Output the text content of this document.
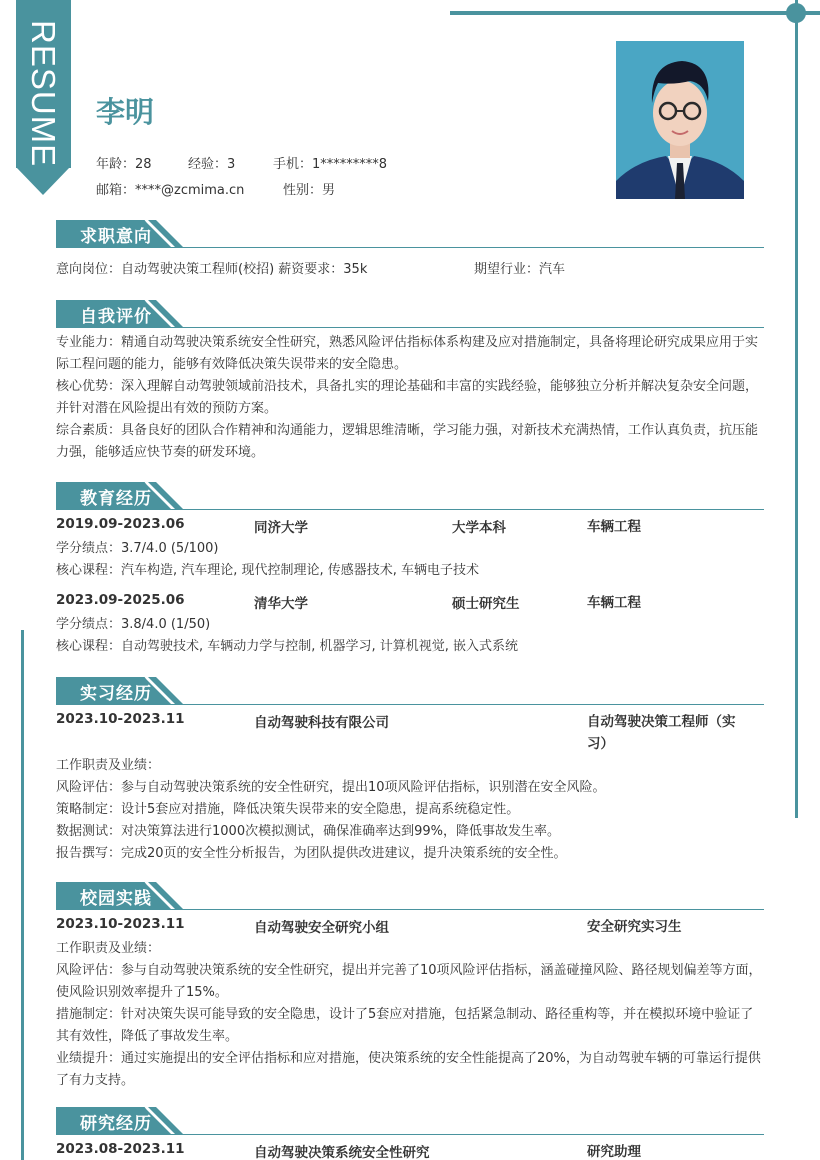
RESUME 李明
年龄：28	经验：3	手机：1*********8
邮箱：****@zcmima.cn	性别：男
求职意向
意向岗位：自动驾驶决策工程师(校招) 薪资要求：35k	期望行业：汽车
自我评价

专业能力：精通自动驾驶决策系统安全性研究，熟悉风险评估指标体系构建及应对措施制定，具备将理论研究成果应用于实际工程问题的能力，能够有效降低决策失误带来的安全隐患。

核心优势：深入理解自动驾驶领域前沿技术，具备扎实的理论基础和丰富的实践经验，能够独立分析并解决复杂安全问题，并针对潜在风险提出有效的预防方案。

综合素质：具备良好的团队合作精神和沟通能力，逻辑思维清晰，学习能力强，对新技术充满热情，工作认真负责，抗压能力强，能够适应快节奏的研发环境。

教育经历
2019.09-2023.06	同济大学	大学本科	车辆工程

学分绩点：3.7/4.0 (5/100)

核心课程：汽车构造, 汽车理论, 现代控制理论, 传感器技术, 车辆电子技术

2023.09-2025.06	清华大学	硕士研究生	车辆工程

学分绩点：3.8/4.0 (1/50)

核心课程：自动驾驶技术, 车辆动力学与控制, 机器学习, 计算机视觉, 嵌入式系统

实习经历
2023.10-2023.11	自动驾驶科技有限公司	自动驾驶决策工程师（实习）

工作职责及业绩：

风险评估：参与自动驾驶决策系统的安全性研究，提出10项风险评估指标，识别潜在安全风险。

策略制定：设计5套应对措施，降低决策失误带来的安全隐患，提高系统稳定性。

数据测试：对决策算法进行1000次模拟测试，确保准确率达到99%，降低事故发生率。

报告撰写：完成20页的安全性分析报告，为团队提供改进建议，提升决策系统的安全性。

校园实践
2023.10-2023.11	自动驾驶安全研究小组	安全研究实习生

工作职责及业绩：

风险评估：参与自动驾驶决策系统的安全性研究，提出并完善了10项风险评估指标，涵盖碰撞风险、路径规划偏差等方面，使风险识别效率提升了15%。

措施制定：针对决策失误可能导致的安全隐患，设计了5套应对措施，包括紧急制动、路径重构等，并在模拟环境中验证了其有效性，降低了事故发生率。

业绩提升：通过实施提出的安全评估指标和应对措施，使决策系统的安全性能提高了20%，为自动驾驶车辆的可靠运行提供了有力支持。

研究经历
2023.08-2023.11	自动驾驶决策系统安全性研究	研究助理
